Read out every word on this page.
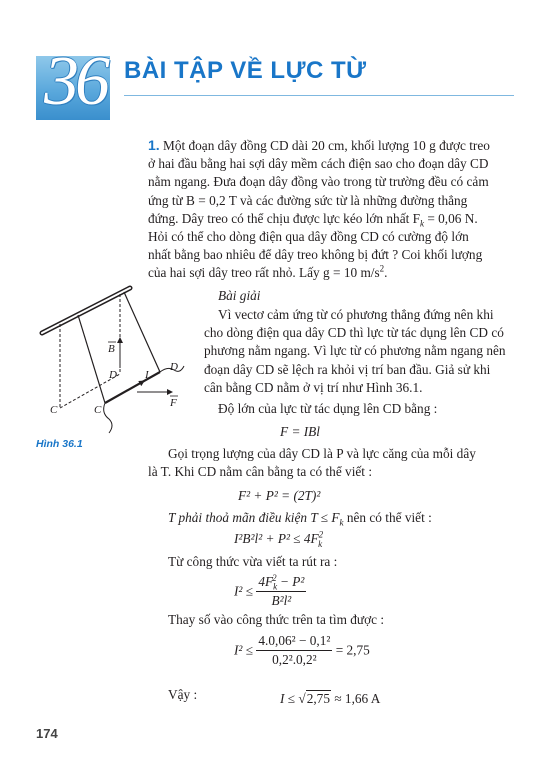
36 BÀI TẬP VỀ LỰC TỪ
1. Một đoạn dây đồng CD dài 20 cm, khối lượng 10 g được treo
ở hai đầu bằng hai sợi dây mềm cách điện sao cho đoạn dây CD
nằm ngang. Đưa đoạn dây đồng vào trong từ trường đều có cảm
ứng từ B = 0,2 T và các đường sức từ là những đường thẳng
đứng. Dây treo có thể chịu được lực kéo lớn nhất $F_k = 0,06$ N.
Hỏi có thể cho dòng điện qua dây đồng CD có cường độ lớn
nhất bằng bao nhiêu để dây treo không bị đứt ? Coi khối lượng
của hai sợi dây treo rất nhỏ. Lấy g = 10 $m/s^2$.
Bài giải
Vì vectơ cảm ứng từ có phương thẳng đứng nên khi
cho dòng điện qua dây CD thì lực từ tác dụng lên CD có
phương nằm ngang. Vì lực từ có phương nằm ngang nên
đoạn dây CD sẽ lệch ra khỏi vị trí ban đầu. Giả sử khi
cân bằng CD nằm ở vị trí như Hình 36.1.
Độ lớn của lực từ tác dụng lên CD bằng :
F = IBl
B
F
I
D
D
C	C
Hình 36.1
Gọi trọng lượng của dây CD là P và lực căng của mỗi dây
là T. Khi CD nằm cân bằng ta có thể viết :
F² + P² = (2T)²
T phải thoả mãn điều kiện $T \le F_k$ nên có thể viết :
$I^2B^2l^2 + P^2 \le 4F^2_k$
Từ công thức vừa viết ta rút ra :
$I^2 \le \frac{4F_k^2 - P^2}{\text{B²l²}}$
Thay số vào công thức trên ta tìm được :
$I^2 \le \frac{\text{4.0,06² − 0,1²}}{\text{0,2².0,2²}} = 2,75$
Vậy :	I ≤ √2,75 ≈ 1,66 A
174
